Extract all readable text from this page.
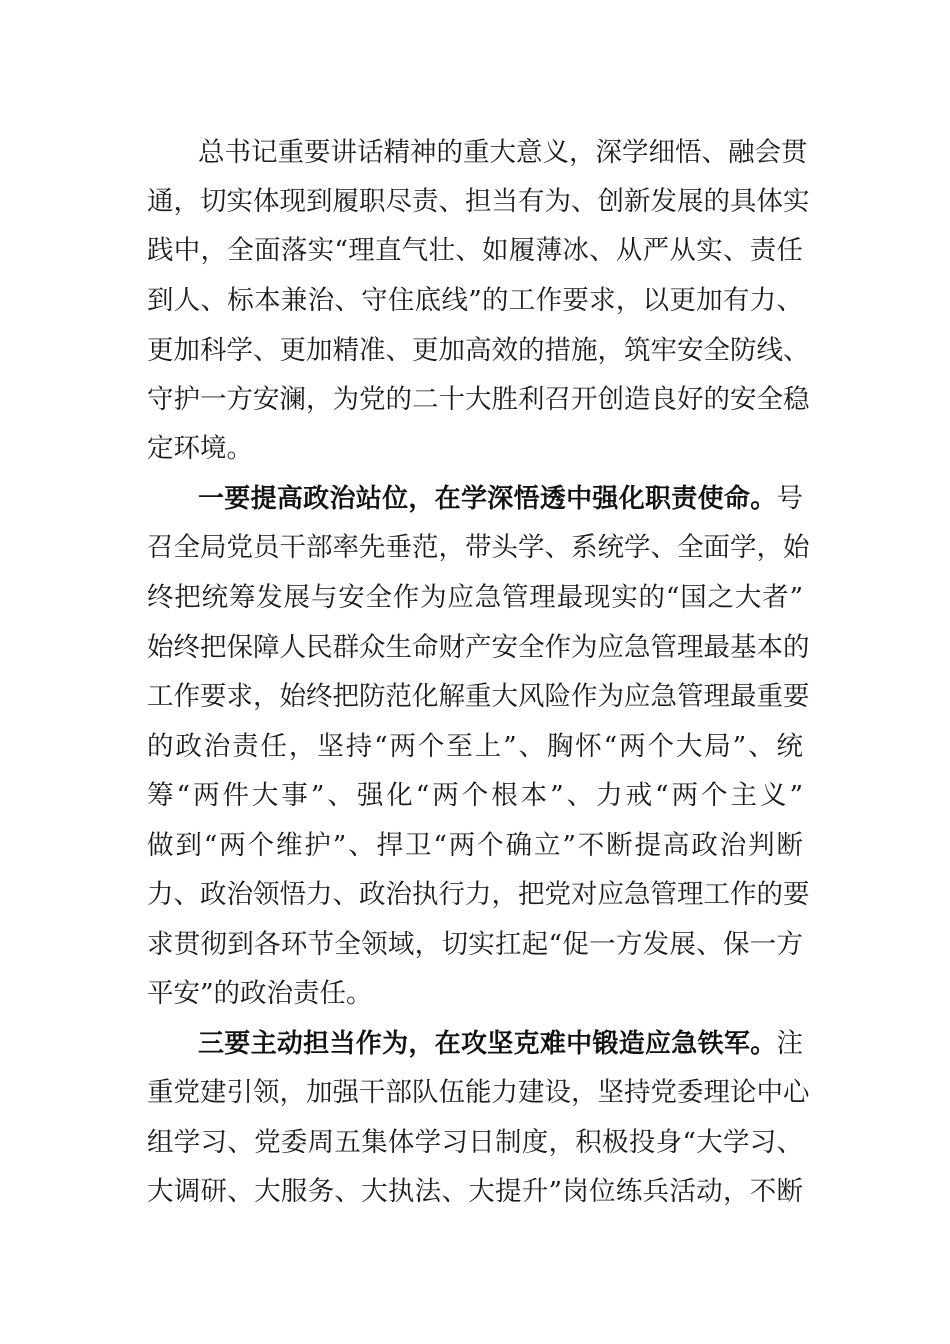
总书记重要讲话精神的重大意义，深学细悟、融会贯
通，切实体现到履职尽责、担当有为、创新发展的具体实
践中，全面落实“理直气壮、如履薄冰、从严从实、责任
到人、标本兼治、守住底线”的工作要求，以更加有力、
更加科学、更加精准、更加高效的措施，筑牢安全防线、
守护一方安澜，为党的二十大胜利召开创造良好的安全稳
定环境。
一要提高政治站位，在学深悟透中强化职责使命。号
召全局党员干部率先垂范，带头学、系统学、全面学，始
终把统筹发展与安全作为应急管理最现实的“国之大者”
始终把保障人民群众生命财产安全作为应急管理最基本的
工作要求，始终把防范化解重大风险作为应急管理最重要
的政治责任，坚持“两个至上”、胸怀“两个大局”、统
筹“两件大事”、强化“两个根本”、力戒“两个主义”
做到“两个维护”、捍卫“两个确立”不断提高政治判断
力、政治领悟力、政治执行力，把党对应急管理工作的要
求贯彻到各环节全领域，切实扛起“促一方发展、保一方
平安”的政治责任。
三要主动担当作为，在攻坚克难中锻造应急铁军。注
重党建引领，加强干部队伍能力建设，坚持党委理论中心
组学习、党委周五集体学习日制度，积极投身“大学习、
大调研、大服务、大执法、大提升”岗位练兵活动，不断
